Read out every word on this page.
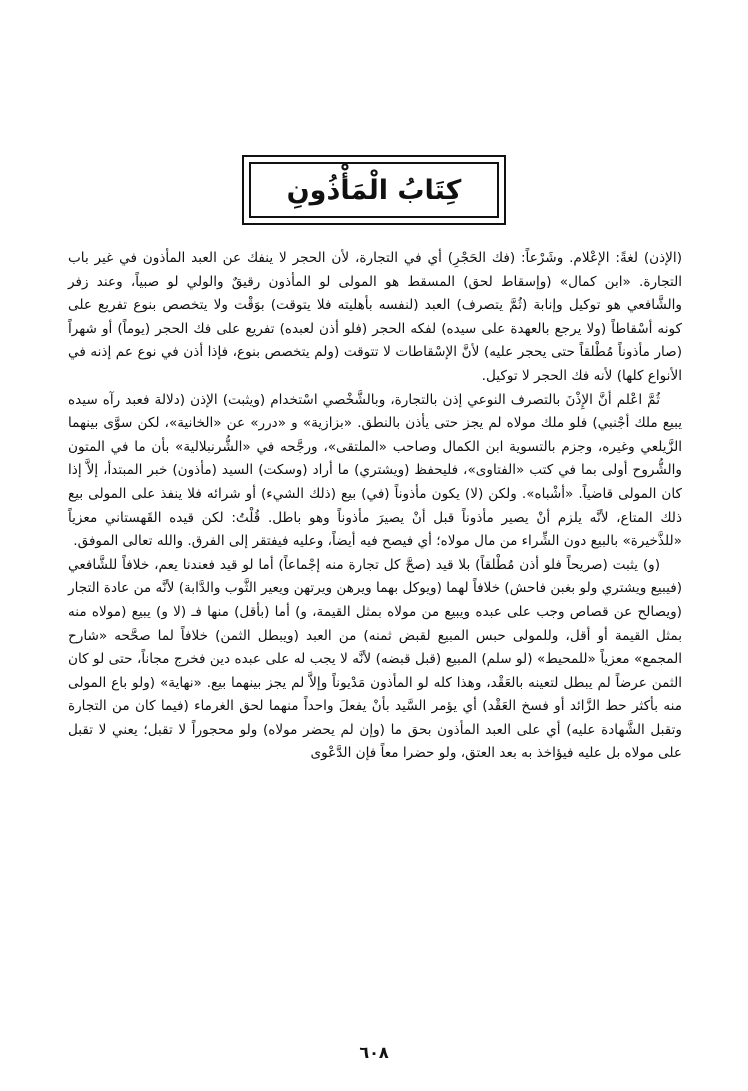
كِتَابُ الْمَأْذُونِ

(الإذن) لغةً: الإعْلام. وشَرْعاً: (فك الحَجْرِ) أي في التجارة، لأن الحجر لا ينفك عن العبد المأذون في غير باب التجارة. «ابن كمال» (وإسقاط لحق) المسقط هو المولى لو المأذون رقيقٌ والولي لو صبياً، وعند زفر والشَّافعي هو توكيل وإنابة (ثُمَّ يتصرف) العبد (لنفسه بأهليته فلا يتوقت) بوَقْت ولا يتخصص بنوع تفريع على كونه أسْقاطاً (ولا يرجع بالعهدة على سيده) لفكه الحجر (فلو أذن لعبده) تفريع على فك الحجر (يوماً) أو شهراً (صار مأذوناً مُطْلقاً حتى يحجر عليه) لأنَّ الإسْقاطات لا تتوقت (ولم يتخصص بنوع، فإذا أذن في نوع عم إذنه في الأنواع كلها) لأنه فك الحجر لا توكيل.

ثُمَّ اعْلم أنَّ الإِذْنَ بالتصرف النوعي إذن بالتجارة، وبالشَّخْصي اسْتخدام (ويثبت) الإذن (دلالة فعبد رآه سيده يبيع ملك أجْنبي) فلو ملك مولاه لم يجز حتى يأذن بالنطق. «بزازية» و «درر» عن «الخانية»، لكن سوَّى بينهما الزَّيلعي وغيره، وجزم بالتسوية ابن الكمال وصاحب «الملتقى»، ورجَّحه في «الشُّرنبلالية» بأن ما في المتون والشُّروح أولى بما في كتب «الفتاوى»، فليحفظ (ويشتري) ما أراد (وسكت) السيد (مأذون) خبر المبتدأ، إلاَّ إذا كان المولى قاضياً. «أشْباه». ولكن (لا) يكون مأذوناً (في) بيع (ذلك الشيء) أو شرائه فلا ينفذ على المولى بيع ذلك المتاع، لأنَّه يلزم أنْ يصير مأذوناً قبل أنْ يصيرَ مأذوناً وهو باطل. قُلْتُ: لكن قيده القَهستاني معزياً «للذَّخيرة» بالبيع دون الشِّراء من مال مولاه؛ أي فيصح فيه أيضاً، وعليه فيفتقر إلى الفرق. والله تعالى الموفق.

(و) يثبت (صريحاً فلو أذن مُطْلقاً) بلا قيد (صحَّ كل تجارة منه إجْماعاً) أما لو قيد فعندنا يعم، خلافاً للشَّافعي (فيبيع ويشتري ولو بغبن فاحش) خلافاً لهما (ويوكل بهما ويرهن ويرتهن ويعير الثَّوب والدَّابة) لأنَّه من عادة التجار (ويصالح عن قصاص وجب على عبده ويبيع من مولاه بمثل القيمة، و) أما (بأقل) منها فـ (لا و) يبيع (مولاه منه بمثل القيمة أو أقل، وللمولى حبس المبيع لقبض ثمنه) من العبد (ويبطل الثمن) خلافاً لما صحَّحه «شارح المجمع» معزياً «للمحيط» (لو سلم) المبيع (قبل قبضه) لأنَّه لا يجب له على عبده دين فخرج مجاناً، حتى لو كان الثمن عرضاً لم يبطل لتعينه بالعَقْد، وهذا كله لو المأذون مَدْيوناً وإلاَّ لم يجز بينهما بيع. «نهاية» (ولو باع المولى منه بأكثر حط الزَّائد أو فسخ العَقْد) أي يؤمر السَّيد بأنْ يفعلَ واحداً منهما لحق الغرماء (فيما كان من التجارة وتقبل الشَّهادة عليه) أي على العبد المأذون بحق ما (وإن لم يحضر مولاه) ولو محجوراً لا تقبل؛ يعني لا تقبل على مولاه بل عليه فيؤاخذ به بعد العتق، ولو حضرا معاً فإن الدَّعْوى

٦٠٨
